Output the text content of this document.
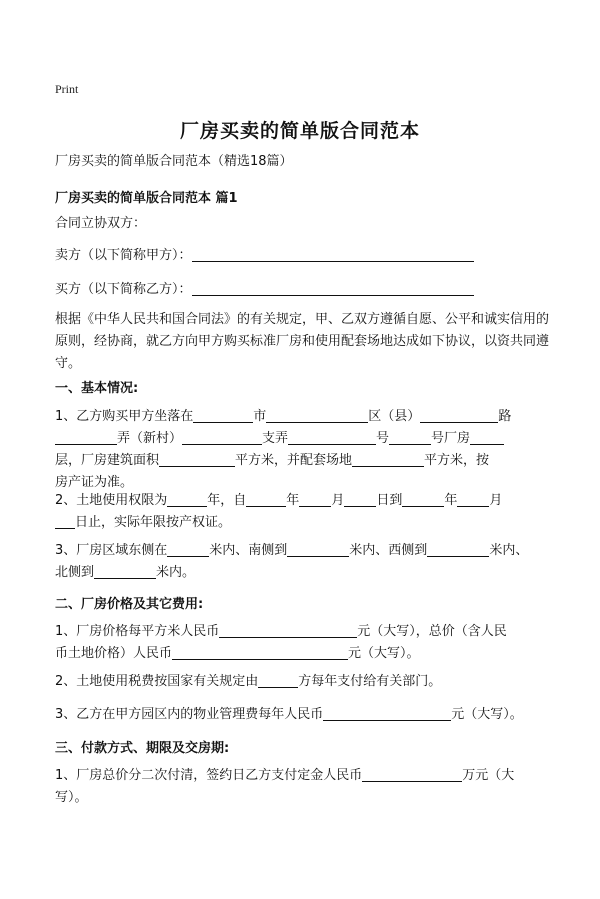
Print
厂房买卖的简单版合同范本
厂房买卖的简单版合同范本（精选18篇）
厂房买卖的简单版合同范本 篇1
合同立协双方：
卖方（以下简称甲方）：
买方（以下简称乙方）：
根据《中华人民共和国合同法》的有关规定，甲、乙双方遵循自愿、公平和诚实信用的原则，经协商，就乙方向甲方购买标准厂房和使用配套场地达成如下协议，以资共同遵守。
一、基本情况:
1、乙方购买甲方坐落在	市	区（县）	路
弄（新村）	支弄	号	号厂房
层，厂房建筑面积	平方米，并配套场地	平方米，按
房产证为准。
2、土地使用权限为	年，自	年 月 日到	年 月
日止，实际年限按产权证。
3、厂房区域东侧在	米内、南侧到	米内、西侧到	米内、
北侧到	米内。
二、厂房价格及其它费用:
1、厂房价格每平方米人民币	元（大写），总价（含人民
币土地价格）人民币	元（大写）。
2、土地使用税费按国家有关规定由	方每年支付给有关部门。
3、乙方在甲方园区内的物业管理费每年人民币	元（大写）。
三、付款方式、期限及交房期:
1、厂房总价分二次付清，签约日乙方支付定金人民币	万元（大
写）。
